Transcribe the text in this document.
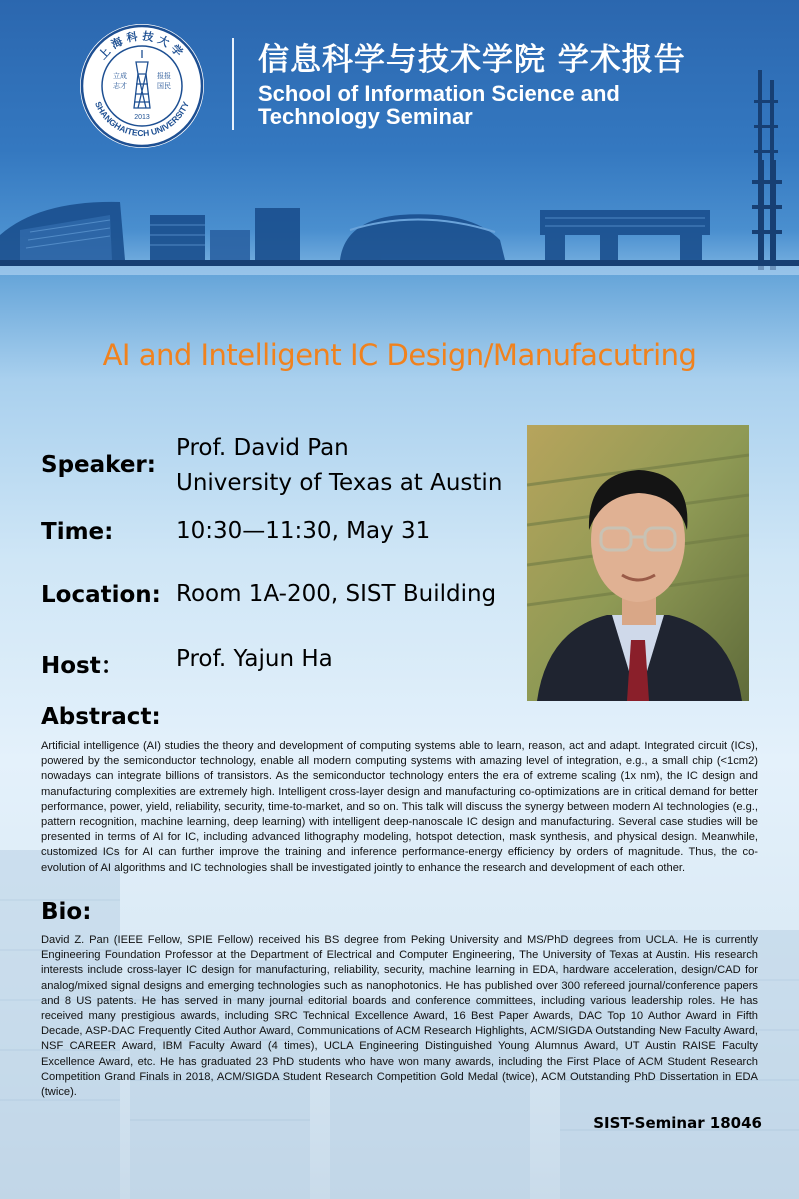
上海科技大学
SHANGHAITECH UNIVERSITY
立成
志才
报报
国民
2013
信息科学与技术学院 学术报告
School of Information Science and
Technology Seminar
AI and Intelligent IC Design/Manufacutring
Speaker:
Prof. David Pan
University of Texas at Austin
Time:	10:30—11:30, May 31
Location: Room 1A-200, SIST Building
Host： Prof. Yajun Ha
Abstract:

Artificial intelligence (AI) studies the theory and development of computing systems able to learn, reason, act and adapt. Integrated circuit (ICs), powered by the semiconductor technology, enable all modern computing systems with amazing level of integration, e.g., a small chip (<1cm2) nowadays can integrate billions of transistors. As the semiconductor technology enters the era of extreme scaling (1x nm), the IC design and manufacturing complexities are extremely high. Intelligent cross-layer design and manufacturing co-optimizations are in critical demand for better performance, power, yield, reliability, security, time-to-market, and so on. This talk will discuss the synergy between modern AI technologies (e.g., pattern recognition, machine learning, deep learning) with intelligent deep-nanoscale IC design and manufacturing. Several case studies will be presented in terms of AI for IC, including advanced lithography modeling, hotspot detection, mask synthesis, and physical design. Meanwhile, customized ICs for AI can further improve the training and inference performance-energy efficiency by orders of magnitude. Thus, the co-evolution of AI algorithms and IC technologies shall be investigated jointly to enhance the research and development of each other.

Bio:

David Z. Pan (IEEE Fellow, SPIE Fellow) received his BS degree from Peking University and MS/PhD degrees from UCLA. He is currently Engineering Foundation Professor at the Department of Electrical and Computer Engineering, The University of Texas at Austin. His research interests include cross-layer IC design for manufacturing, reliability, security, machine learning in EDA, hardware acceleration, design/CAD for analog/mixed signal designs and emerging technologies such as nanophotonics. He has published over 300 refereed journal/conference papers and 8 US patents. He has served in many journal editorial boards and conference committees, including various leadership roles. He has received many prestigious awards, including SRC Technical Excellence Award, 16 Best Paper Awards, DAC Top 10 Author Award in Fifth Decade, ASP-DAC Frequently Cited Author Award, Communications of ACM Research Highlights, ACM/SIGDA Outstanding New Faculty Award, NSF CAREER Award, IBM Faculty Award (4 times), UCLA Engineering Distinguished Young Alumnus Award, UT Austin RAISE Faculty Excellence Award, etc. He has graduated 23 PhD students who have won many awards, including the First Place of ACM Student Research Competition Grand Finals in 2018, ACM/SIGDA Student Research Competition Gold Medal (twice), ACM Outstanding PhD Dissertation in EDA (twice).

SIST-Seminar 18046
